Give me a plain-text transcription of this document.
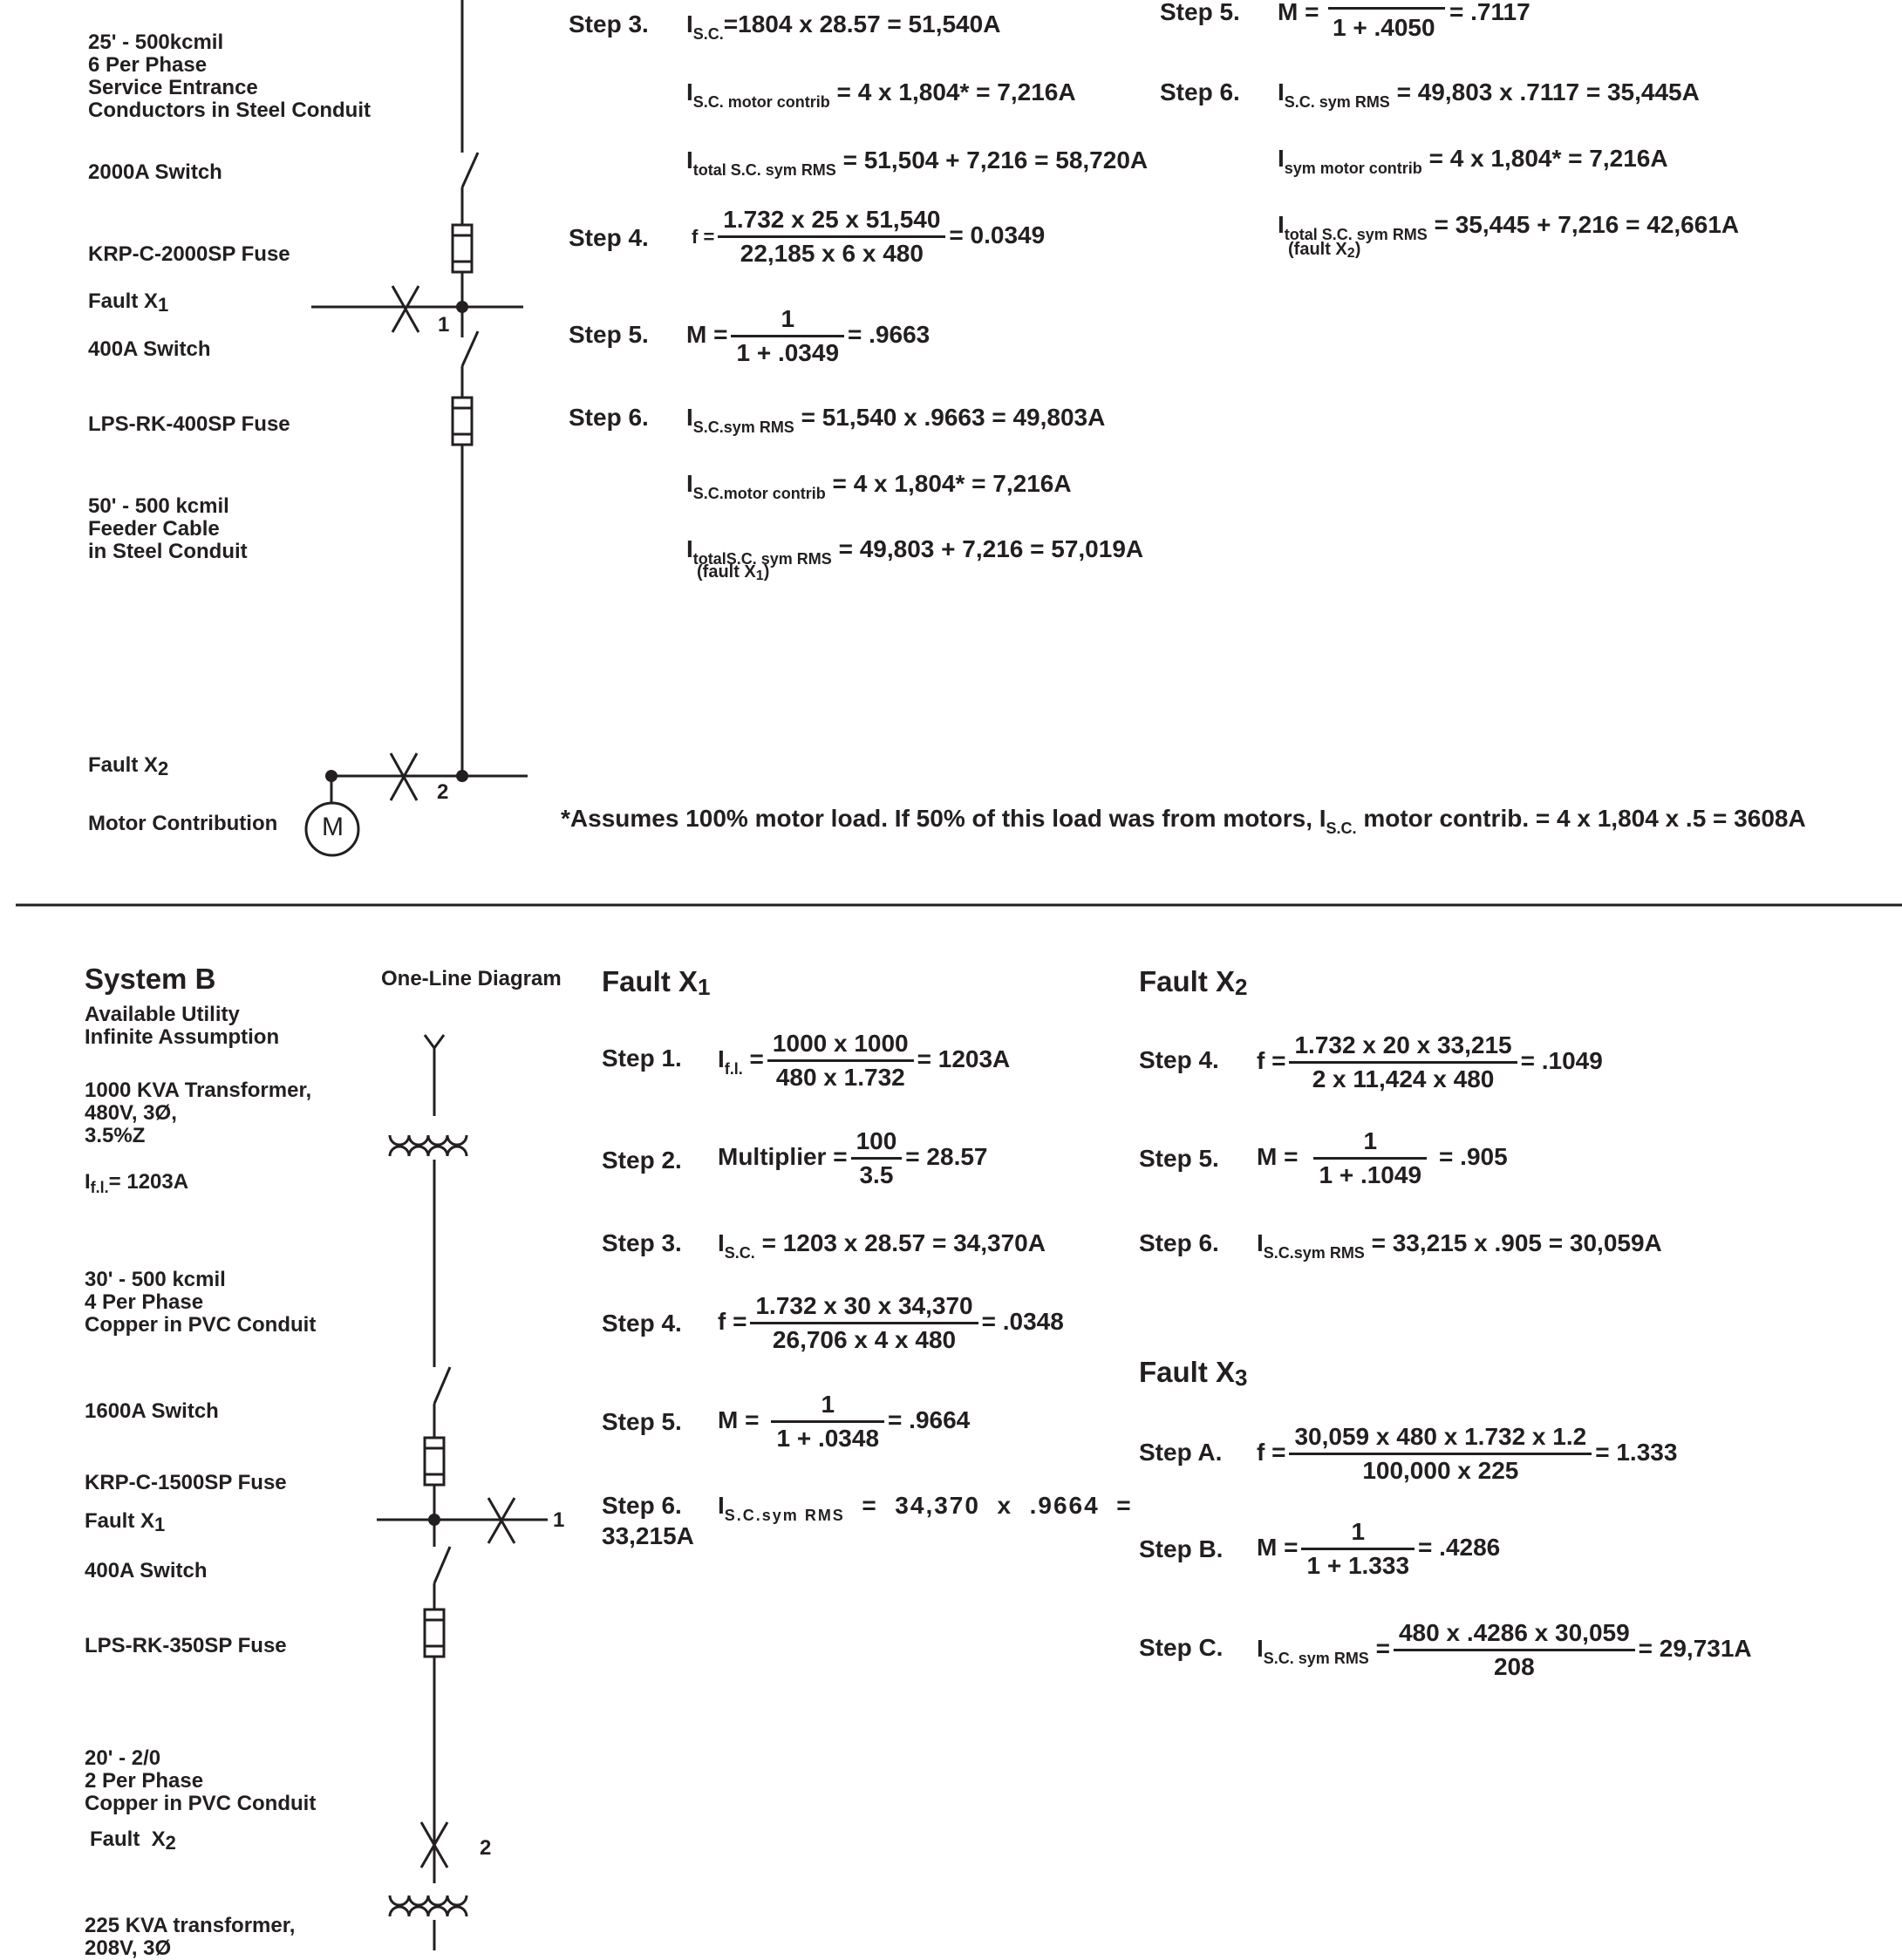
25' - 500kcmil
6 Per Phase
Service Entrance
Conductors in Steel Conduit
2000A Switch
KRP-C-2000SP Fuse
Fault X1
400A Switch
LPS-RK-400SP Fuse
50' - 500 kcmil
Feeder Cable
in Steel Conduit
Fault X2
Motor Contribution M
1
2
Step 3. $I_{S.C.}=1804$ x 28.57 = 51,540A
$I_{S.C. motor contrib} = 4$ x 1,804* = 7,216A
$I_{total S.C. sym RMS} = 51,504 + 7,216 = 58,720A$
Step 4. $f = \frac{1.732 x 25 x 51,540}{22,185 x 6 x 480} = 0.0349$
Step 5. $M = \frac{1}{1 + .0349} = .9663$
Step 6. $I_{S.C.sym RMS} = 51,540$ x .9663 = 49,803A
$I_{S.C.motor contrib} = 4$ x 1,804* = 7,216A
$I_{totalS.C. sym RMS} = 49,803 + 7,216 = 57,019A$
(fault X1)
Step 5. M =
1 + .4050
= .7117
Step 6. $I_{S.C. sym RMS} = 49,803$ x .7117 = 35,445A
$I_{sym motor contrib} = 4$ x 1,804* = 7,216A
$I_{total S.C. sym RMS} = 35,445 + 7,216 = 42,661A$
(fault X2)
*Assumes 100% motor load. If 50% of this load was from motors, $I_{S.C.}$ motor contrib. = 4 x 1,804 x .5 = 3608A
System B	One-Line Diagram
Available Utility
Infinite Assumption
1000 KVA Transformer,
480V, 3Ø,
3.5%Z
$I_{f.l.}= 1203A$
30' - 500 kcmil
4 Per Phase
Copper in PVC Conduit
1600A Switch
KRP-C-1500SP Fuse
Fault X1
400A Switch
LPS-RK-350SP Fuse
20' - 2/0
2 Per Phase
Copper in PVC Conduit
Fault  X2
225 KVA transformer,
208V, 3Ø
1
2
Fault X1
Step 1. $I_{f.l.} = \frac{1000 x 1000}{480 x 1.732} = 1203A$
Step 2. Multiplier = $\frac{100}{3.5} = 28.57$
Step 3. $I_{S.C.} = 1203$ x 28.57 = 34,370A
Step 4. $f = \frac{1.732 x 30 x 34,370}{26,706 x 4 x 480} = .0348$
Step 5. $M = \frac{1}{1 + .0348} = .9664$
Step 6. $I_{S.C.sym RMS} = 34,370$  x  .9664  =
33,215A
Fault X2
Step 4. $f = \frac{1.732 x 20 x 33,215}{2 x 11,424 x 480} = .1049$
Step 5. $M = \frac{1}{1 + .1049} = .905$
Step 6. $I_{S.C.sym RMS} = 33,215$ x .905 = 30,059A
Fault X3
Step A. $f = \frac{30,059 x 480 x 1.732 x 1.2}{100,000 x 225} = 1.333$
Step B. $M = \frac{1}{1 + 1.333} = .4286$
Step C. $I_{S.C. sym RMS} = \frac{480 x .4286 x 30,059}{208} = 29,731A$
